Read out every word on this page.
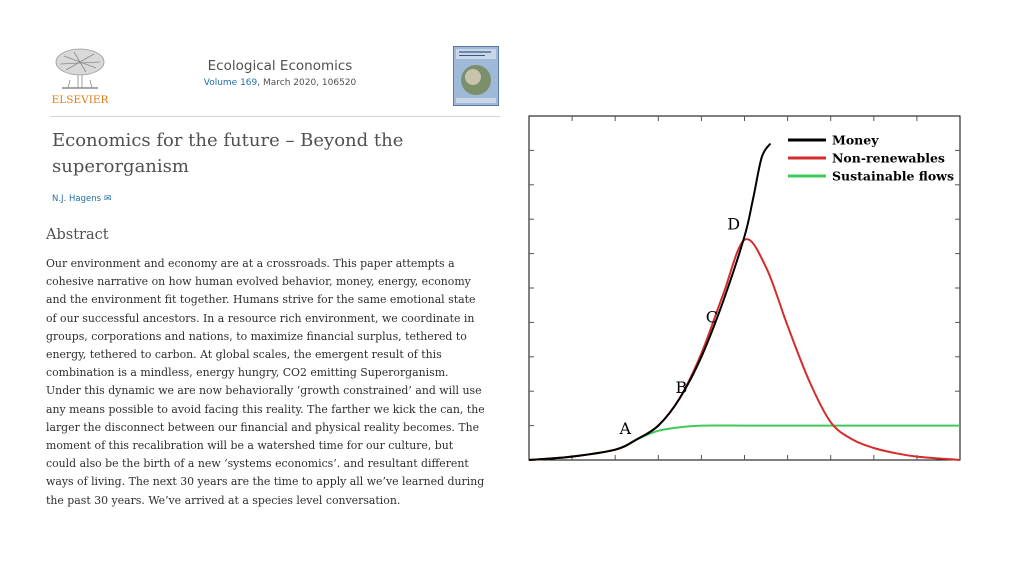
ELSEVIER
Ecological Economics
Volume 169, March 2020, 106520
Economics for the future – Beyond the superorganism
N.J. Hagens ✉
Abstract

Our environment and economy are at a crossroads. This paper attempts a cohesive narrative on how human evolved behavior, money, energy, economy and the environment fit together. Humans strive for the same emotional state of our successful ancestors. In a resource rich environment, we coordinate in groups, corporations and nations, to maximize financial surplus, tethered to energy, tethered to carbon. At global scales, the emergent result of this combination is a mindless, energy hungry, CO2 emitting Superorganism. Under this dynamic we are now behaviorally ‘growth constrained’ and will use any means possible to avoid facing this reality. The farther we kick the can, the larger the disconnect between our financial and physical reality becomes. The moment of this recalibration will be a watershed time for our culture, but could also be the birth of a new ‘systems economics’. and resultant different ways of living. The next 30 years are the time to apply all we’ve learned during the past 30 years. We’ve arrived at a species level conversation.

Money
Non-renewables
Sustainable flows
A
B
C
D
